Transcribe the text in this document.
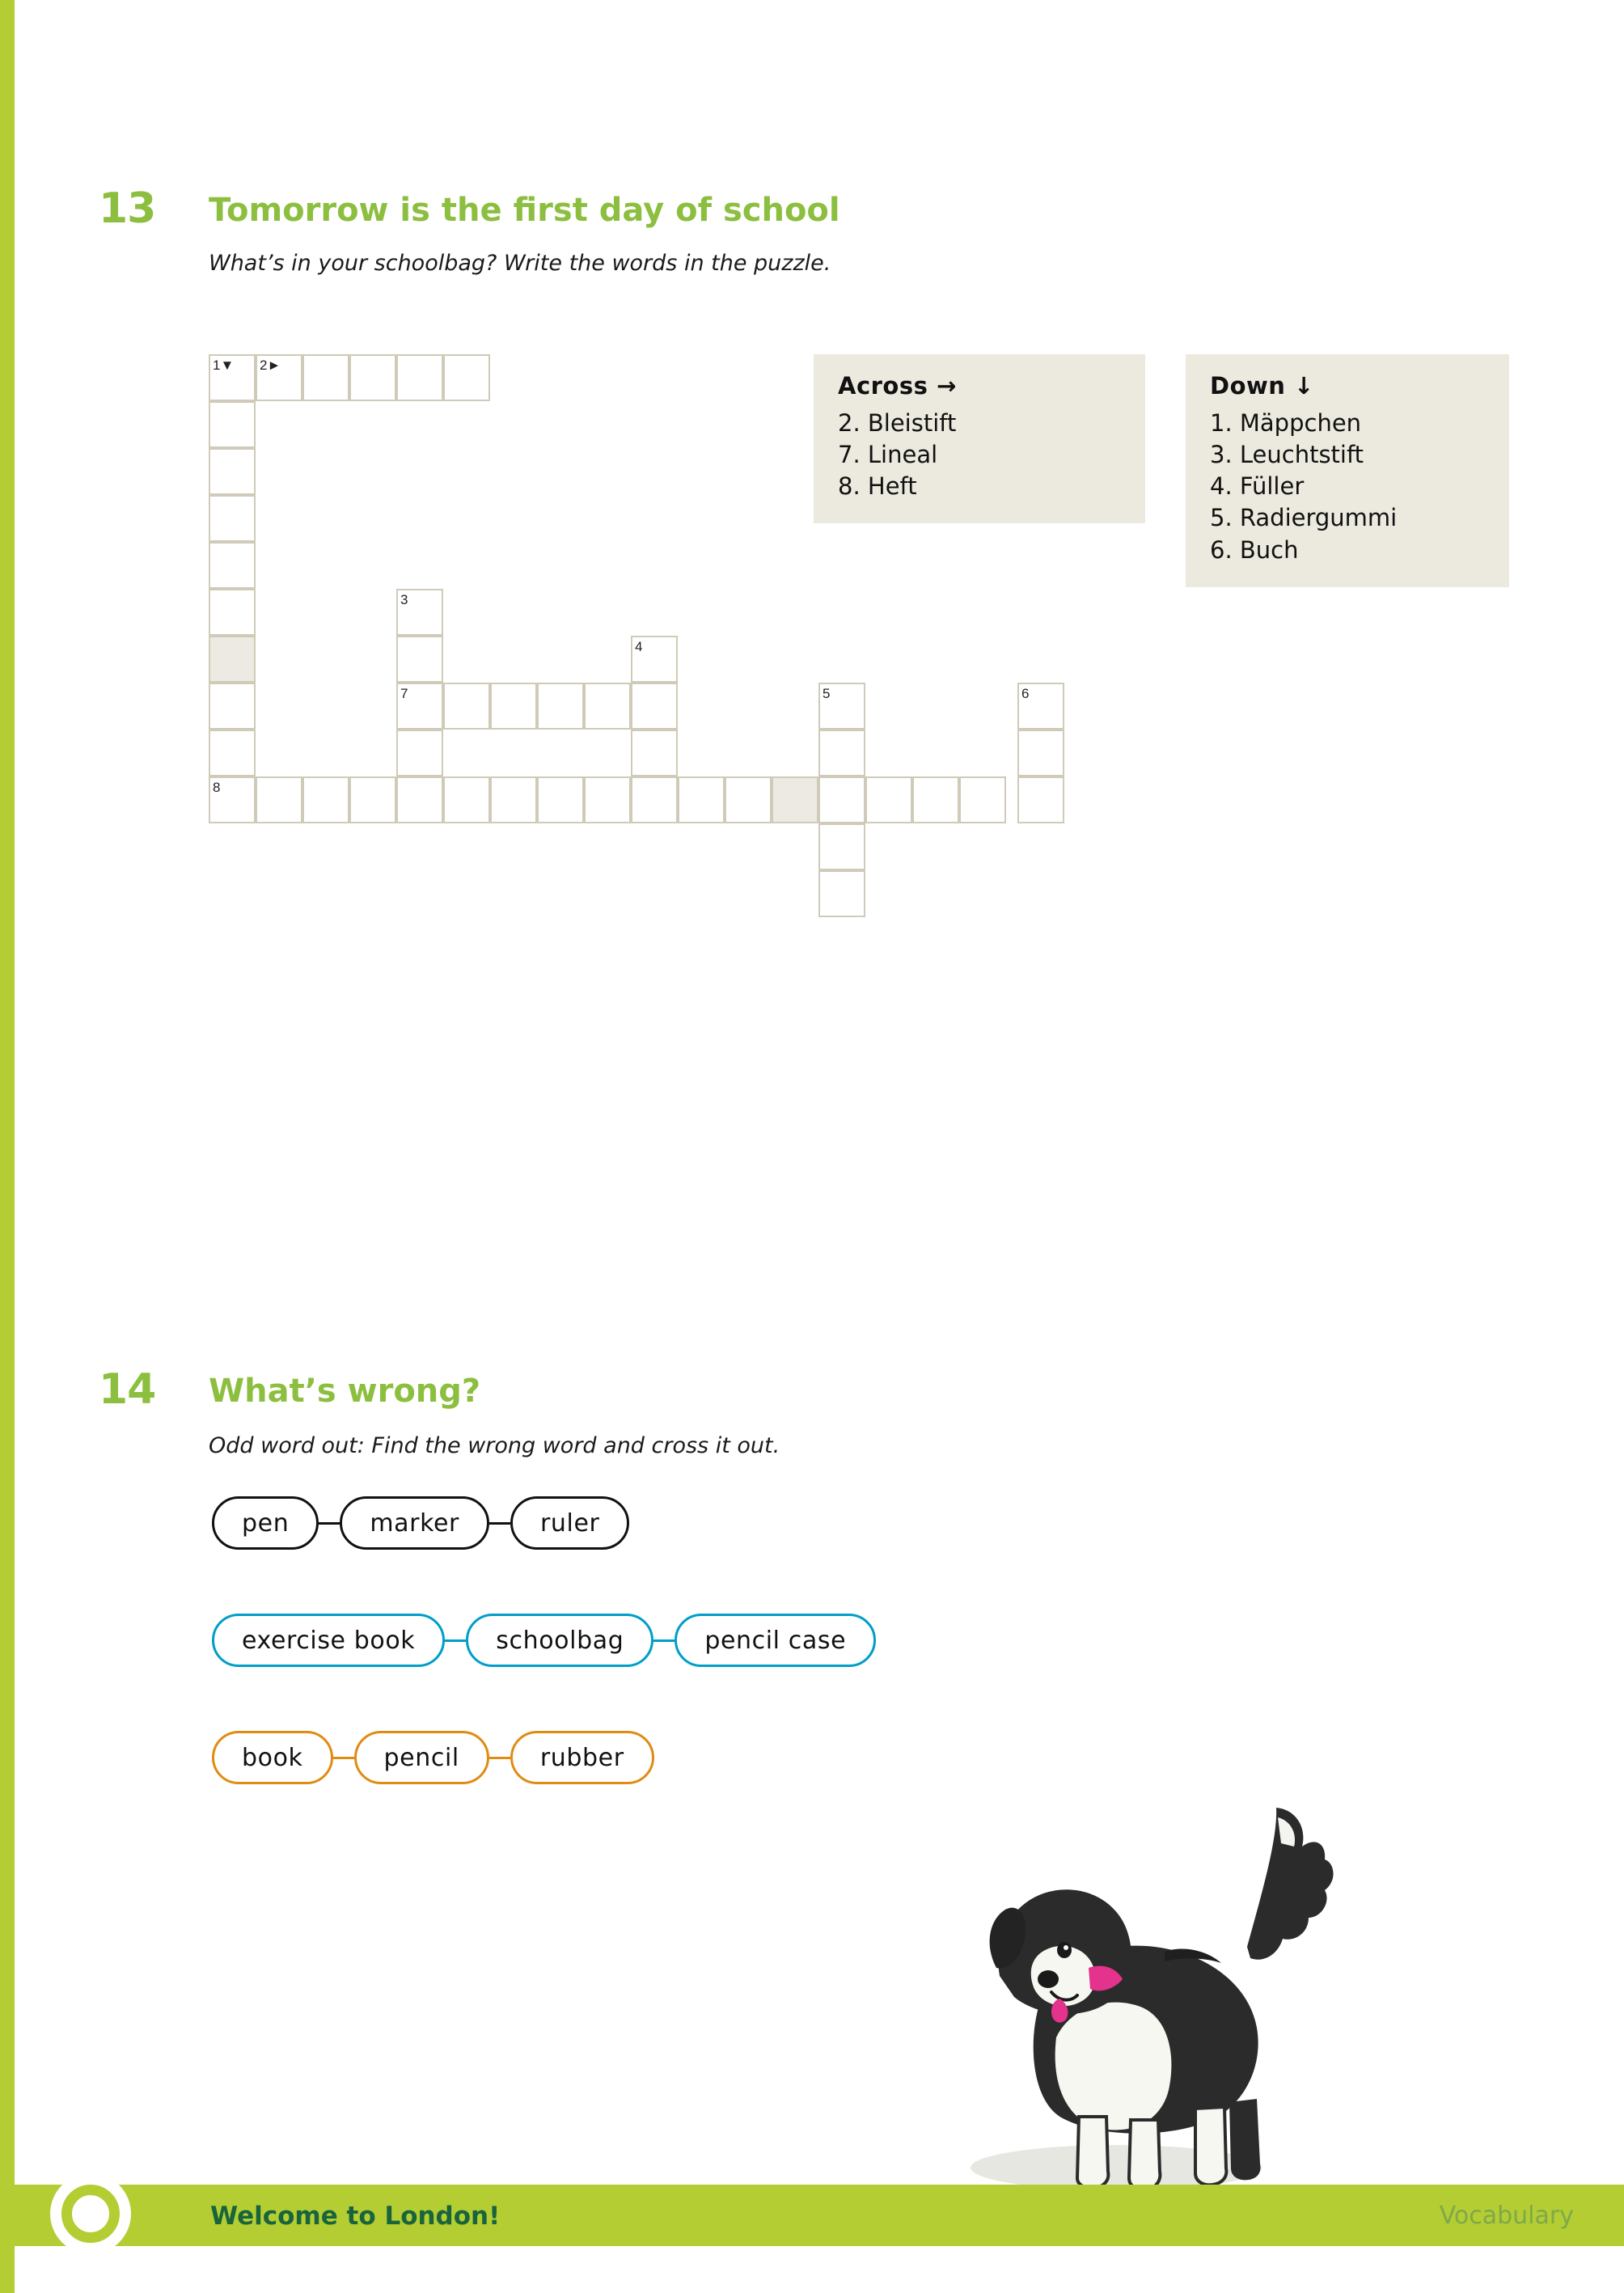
13 Tomorrow is the first day of school
What’s in your schoolbag? Write the words in the puzzle.
1▼ 2►
3
4
7	5	6
8
Across →
2. Bleistift
7. Lineal
8. Heft
Down ↓
1. Mäppchen
3. Leuchtstift
4. Füller
5. Radiergummi
6. Buch
14 What’s wrong?
Odd word out: Find the wrong word and cross it out.
pen	marker	ruler
exercise book	schoolbag	pencil case
book	pencil	rubber
Welcome to London!	Vocabulary
